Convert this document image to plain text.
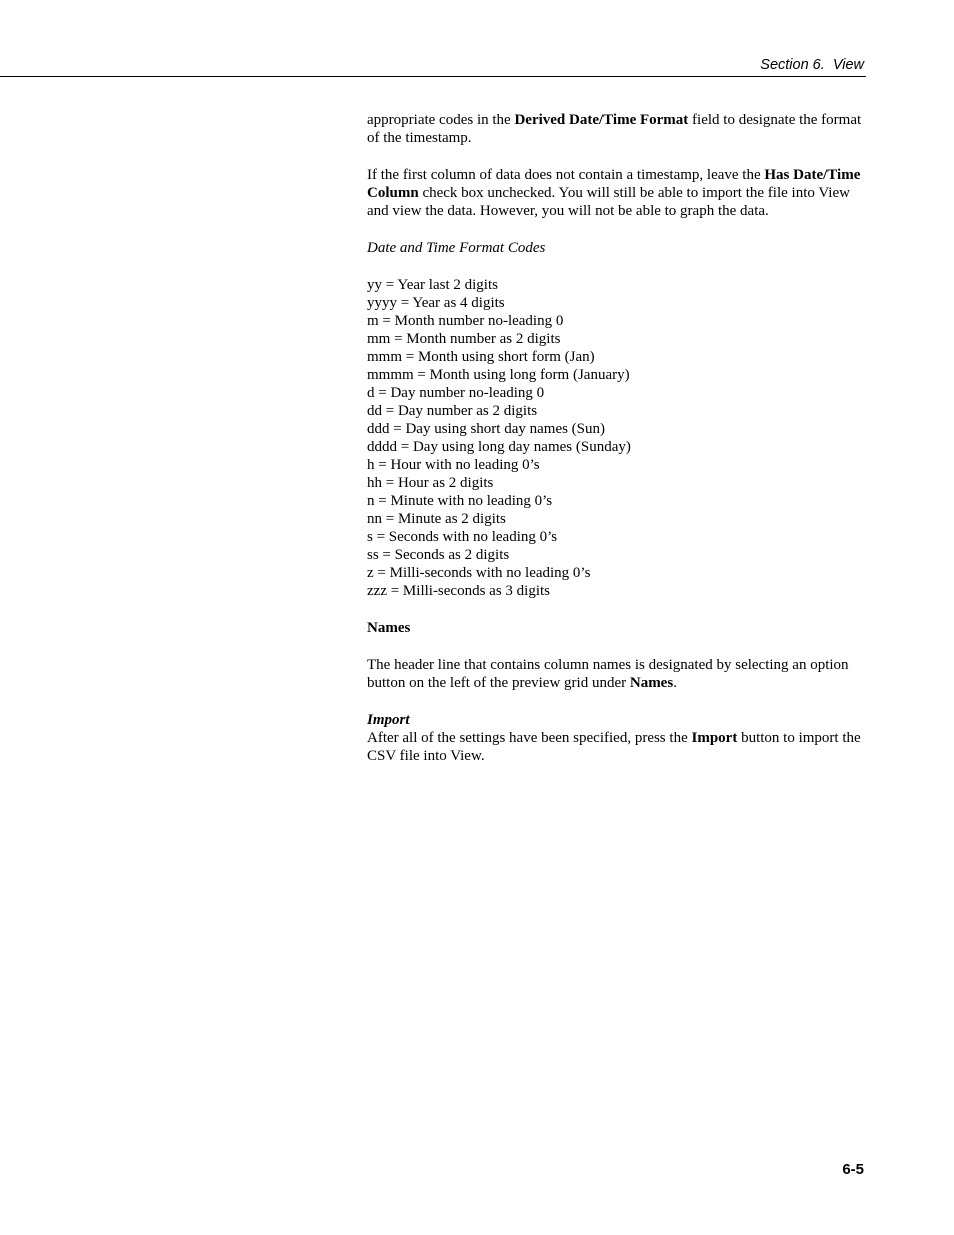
Section 6.  View

appropriate codes in the Derived Date/Time Format field to designate the format of the timestamp.

If the first column of data does not contain a timestamp, leave the Has Date/Time Column check box unchecked. You will still be able to import the file into View and view the data. However, you will not be able to graph the data.

Date and Time Format Codes

yy = Year last 2 digits
yyyy = Year as 4 digits
m = Month number no-leading 0
mm = Month number as 2 digits
mmm = Month using short form (Jan)
mmmm = Month using long form (January)
d = Day number no-leading 0
dd = Day number as 2 digits
ddd = Day using short day names (Sun)
dddd = Day using long day names (Sunday)
h = Hour with no leading 0’s
hh = Hour as 2 digits
n = Minute with no leading 0’s
nn = Minute as 2 digits
s = Seconds with no leading 0’s
ss = Seconds as 2 digits
z = Milli-seconds with no leading 0’s
zzz = Milli-seconds as 3 digits

Names

The header line that contains column names is designated by selecting an option button on the left of the preview grid under Names.

Import

After all of the settings have been specified, press the Import button to import the CSV file into View.

6-5
